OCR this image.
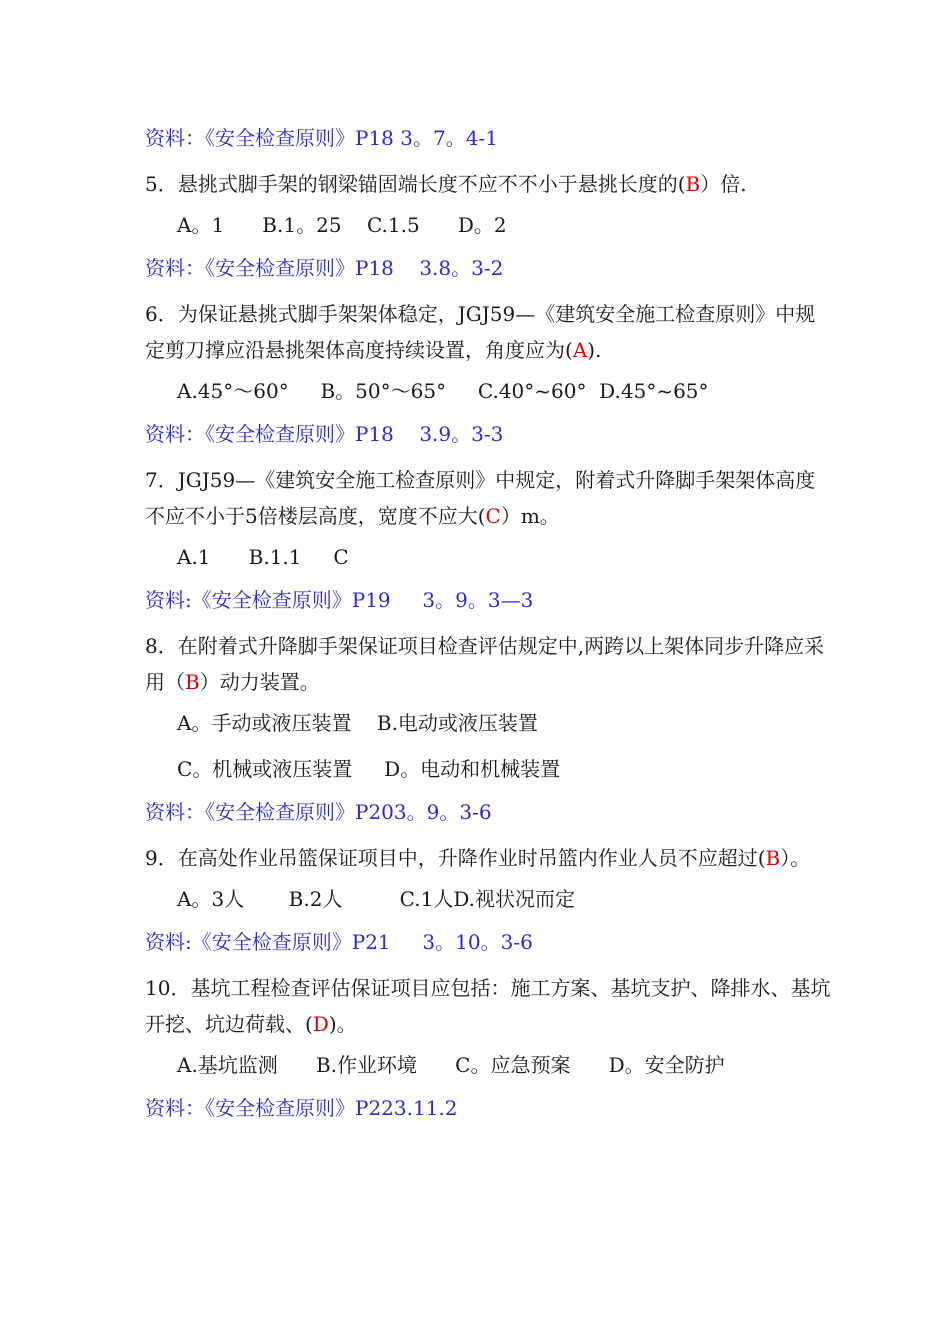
资料：《安全检查原则》P18 3。7。4-1
5．悬挑式脚手架的钢梁锚固端长度不应不不小于悬挑长度的(B）倍.
A。1      B.1。25    C.1.5      D。2
资料：《安全检查原则》P18    3.8。3-2
6．为保证悬挑式脚手架架体稳定，JGJ59—《建筑安全施工检查原则》中规定剪刀撑应沿悬挑架体高度持续设置，角度应为(A).
A.45°～60°     B。50°～65°     C.40°~60°  D.45°~65°
资料：《安全检查原则》P18    3.9。3-3
7．JGJ59—《建筑安全施工检查原则》中规定，附着式升降脚手架架体高度不应不小于5倍楼层高度，宽度不应大(C）m。
A.1      B.1.1     C
资料:《安全检查原则》P19     3。9。3—3
8．在附着式升降脚手架保证项目检查评估规定中,两跨以上架体同步升降应采用（B）动力装置。
A。手动或液压装置    B.电动或液压装置
C。机械或液压装置     D。电动和机械装置
资料：《安全检查原则》P203。9。3-6
9．在高处作业吊篮保证项目中，升降作业时吊篮内作业人员不应超过(B）。
A。3人       B.2人         C.1人D.视状况而定
资料:《安全检查原则》P21     3。10。3-6
10．基坑工程检查评估保证项目应包括：施工方案、基坑支护、降排水、基坑开挖、坑边荷载、(D)。
A.基坑监测      B.作业环境      C。应急预案      D。安全防护
资料：《安全检查原则》P223.11.2
